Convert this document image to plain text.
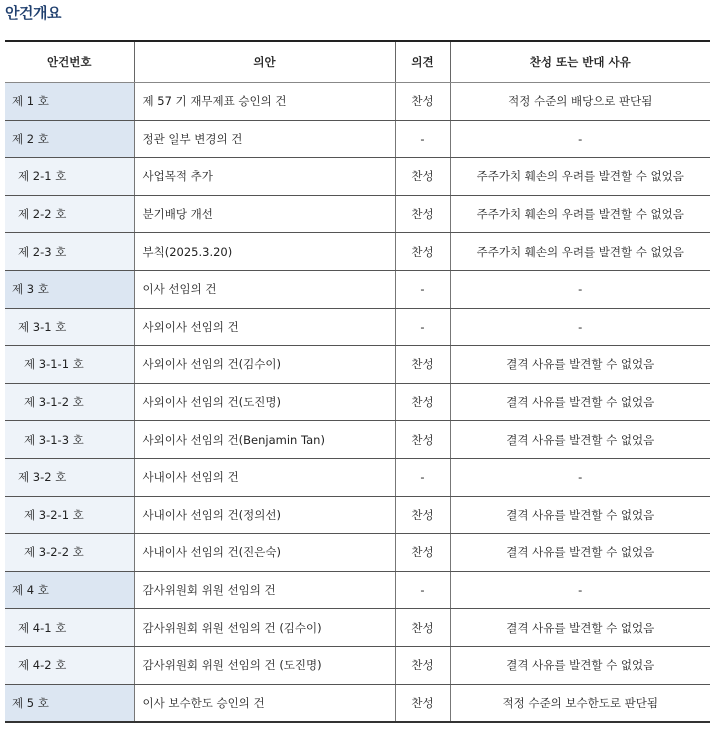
안건개요
안건번호	의안	의견	찬성 또는 반대 사유
제 1 호	제 57 기 재무제표 승인의 건	찬성	적정 수준의 배당으로 판단됨
제 2 호	정관 일부 변경의 건	-	-
제 2-1 호	사업목적 추가	찬성	주주가치 훼손의 우려를 발견할 수 없었음
제 2-2 호	분기배당 개선	찬성	주주가치 훼손의 우려를 발견할 수 없었음
제 2-3 호	부칙(2025.3.20)	찬성	주주가치 훼손의 우려를 발견할 수 없었음
제 3 호	이사 선임의 건	-	-
제 3-1 호	사외이사 선임의 건	-	-
제 3-1-1 호	사외이사 선임의 건(김수이)	찬성	결격 사유를 발견할 수 없었음
제 3-1-2 호	사외이사 선임의 건(도진명)	찬성	결격 사유를 발견할 수 없었음
제 3-1-3 호	사외이사 선임의 건(Benjamin Tan)	찬성	결격 사유를 발견할 수 없었음
제 3-2 호	사내이사 선임의 건	-	-
제 3-2-1 호	사내이사 선임의 건(정의선)	찬성	결격 사유를 발견할 수 없었음
제 3-2-2 호	사내이사 선임의 건(진은숙)	찬성	결격 사유를 발견할 수 없었음
제 4 호	감사위원회 위원 선임의 건	-	-
제 4-1 호	감사위원회 위원 선임의 건 (김수이)	찬성	결격 사유를 발견할 수 없었음
제 4-2 호	감사위원회 위원 선임의 건 (도진명)	찬성	결격 사유를 발견할 수 없었음
제 5 호	이사 보수한도 승인의 건	찬성	적정 수준의 보수한도로 판단됨
